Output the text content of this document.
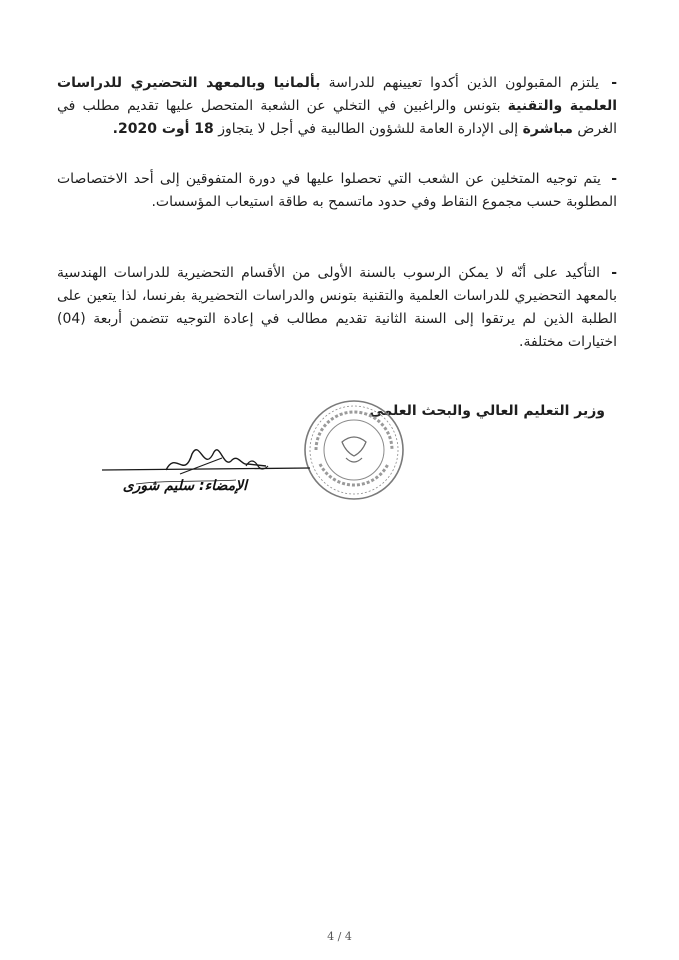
- يلتزم المقبولون الذين أكدوا تعيينهم للدراسة بألمانيا وبالمعهد التحضيري للدراسات العلمية والتقنية بتونس والراغبين في التخلي عن الشعبة المتحصل عليها تقديم مطلب في الغرض مباشرة إلى الإدارة العامة للشؤون الطالبية في أجل لا يتجاوز 18 أوت 2020.

- يتم توجيه المتخلين عن الشعب التي تحصلوا عليها في دورة المتفوقين إلى أحد الاختصاصات المطلوبة حسب مجموع النقاط وفي حدود ماتسمح به طاقة استيعاب المؤسسات.

- التأكيد على أنّه لا يمكن الرسوب بالسنة الأولى من الأقسام التحضيرية للدراسات الهندسية بالمعهد التحضيري للدراسات العلمية والتقنية بتونس والدراسات التحضيرية بفرنسا، لذا يتعين على الطلبة الذين لم يرتقوا إلى السنة الثانية تقديم مطالب في إعادة التوجيه تتضمن أربعة (04) اختيارات مختلفة.

وزير التعليم العالي والبحث العلمي
الإمضاء: سليم شورى
4 / 4
